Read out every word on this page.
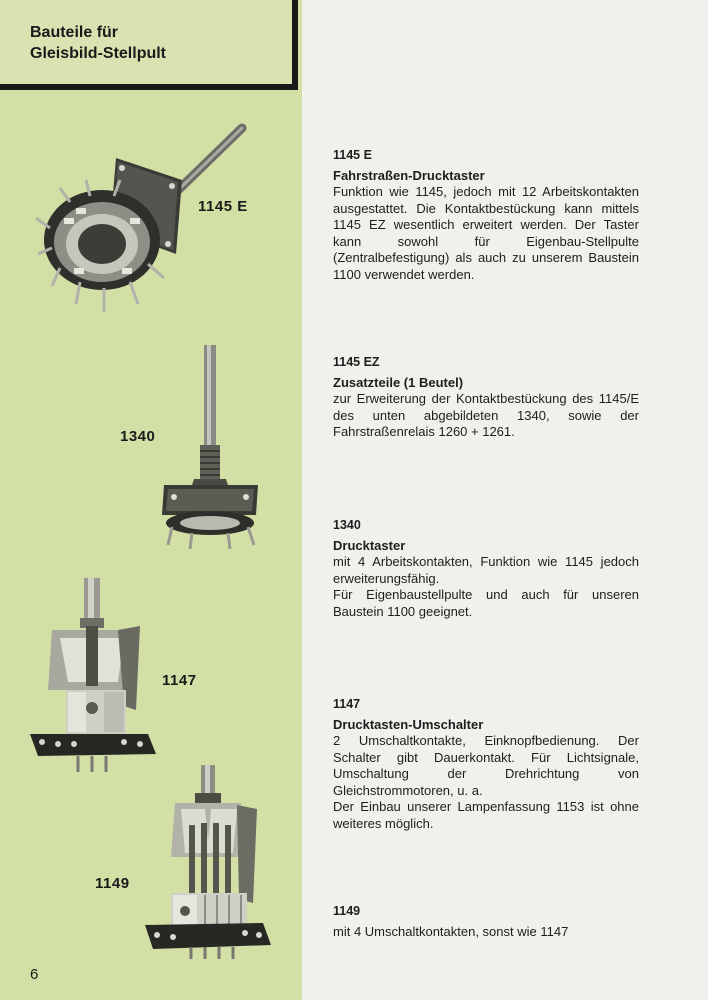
Bauteile für
Gleisbild-Stellpult
1145 E
1340
1147
1149
6
1145 E
Fahrstraßen-Drucktaster
Funktion wie 1145, jedoch mit 12 Arbeitskontakten ausgestattet. Die Kontaktbestückung kann mittels 1145 EZ wesentlich erweitert werden. Der Taster kann sowohl für Eigenbau-Stellpulte (Zentralbefestigung) als auch zu unserem Baustein 1100 verwendet werden.
1145 EZ
Zusatzteile (1 Beutel)
zur Erweiterung der Kontaktbestückung des 1145/E des unten abgebildeten 1340, sowie der Fahrstraßenrelais 1260 + 1261.
1340
Drucktaster
mit 4 Arbeitskontakten, Funktion wie 1145 jedoch erweiterungsfähig.
Für Eigenbaustellpulte und auch für unseren Baustein 1100 geeignet.
1147
Drucktasten-Umschalter
2 Umschaltkontakte, Einknopfbedienung. Der Schalter gibt Dauerkontakt. Für Lichtsignale, Umschaltung der Drehrichtung von Gleichstrommotoren, u. a.
Der Einbau unserer Lampenfassung 1153 ist ohne weiteres möglich.
1149
mit 4 Umschaltkontakten, sonst wie 1147
